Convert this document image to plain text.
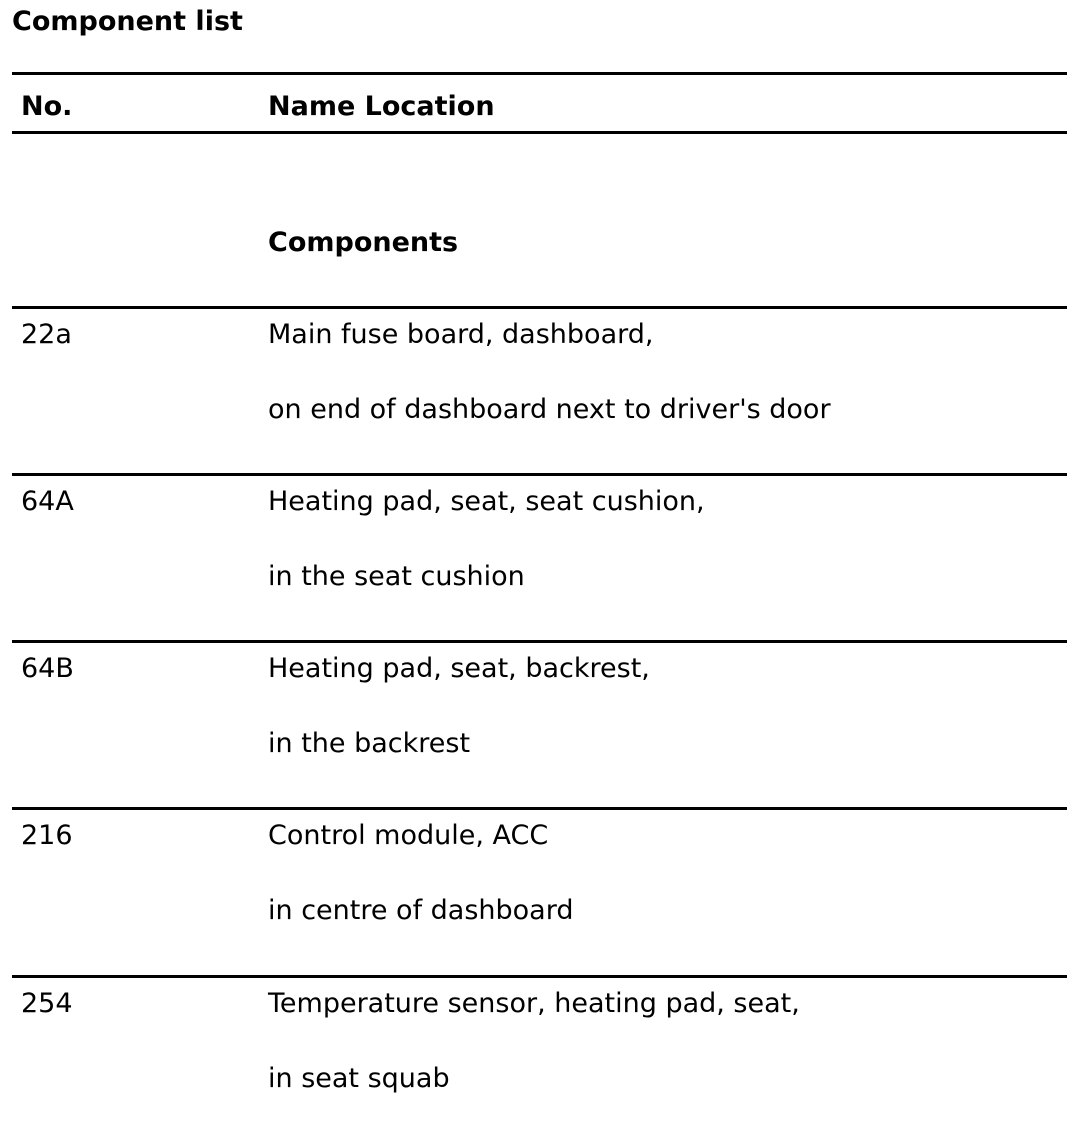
Component list
No.	Name Location
Components
22a	Main fuse board, dashboard,
on end of dashboard next to driver's door
64A	Heating pad, seat, seat cushion,
in the seat cushion
64B	Heating pad, seat, backrest,
in the backrest
216	Control module, ACC
in centre of dashboard
254	Temperature sensor, heating pad, seat,
in seat squab
